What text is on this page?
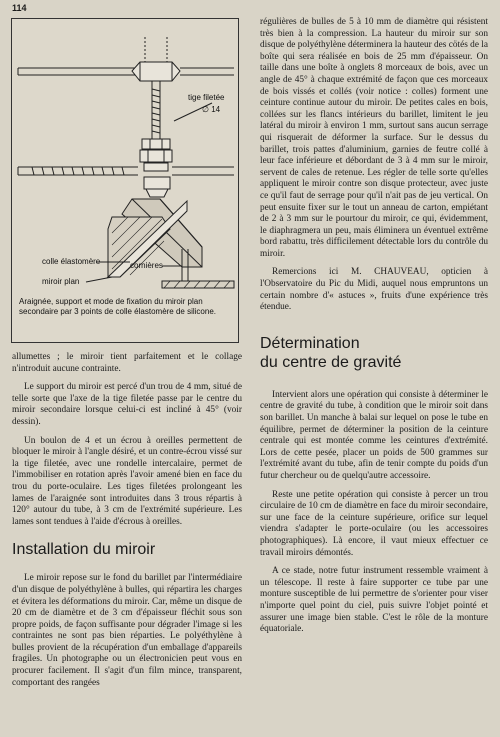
114
tige filetée
∅ 14
colle élastomère	cornières
miroir plan
Araignée, support et mode de fixation du miroir plan secondaire par 3 points de colle élastomère de silicone.

allumettes ; le miroir tient parfaitement et le collage n'introduit aucune contrainte.

Le support du miroir est percé d'un trou de 4 mm, situé de telle sorte que l'axe de la tige filetée passe par le centre du miroir secondaire lorsque celui-ci est incliné à 45° (voir dessin).

Un boulon de 4 et un écrou à oreilles permettent de bloquer le miroir à l'angle désiré, et un contre-écrou vissé sur la tige filetée, avec une rondelle intercalaire, permet de l'immobiliser en rotation après l'avoir amené bien en face du trou du porte-oculaire. Les tiges filetées prolongeant les lames de l'araignée sont introduites dans 3 trous répartis à 120° autour du tube, à 3 cm de l'extrémité supérieure. Les lames sont tendues à l'aide d'écrous à oreilles.

Installation du miroir

Le miroir repose sur le fond du barillet par l'intermédiaire d'un disque de polyéthylène à bulles, qui répartira les charges et évitera les déformations du miroir. Car, même un disque de 20 cm de diamètre et de 3 cm d'épaisseur fléchit sous son propre poids, de façon suffisante pour dégrader l'image si les contraintes ne sont pas bien réparties. Le polyéthylène à bulles provient de la récupération d'un emballage d'appareils fragiles. Un photographe ou un électronicien peut vous en procurer facilement. Il s'agit d'un film mince, transparent, comportant des rangées

régulières de bulles de 5 à 10 mm de diamètre qui résistent très bien à la compression. La hauteur du miroir sur son disque de polyéthylène déterminera la hauteur des cötés de la boîte qui sera réalisée en bois de 25 mm d'épaisseur. On taille dans une boîte à onglets 8 morceaux de bois, avec un angle de 45° à chaque extrémité de façon que ces morceaux de bois vissés et collés (voir notice : colles) forment une ceinture continue autour du miroir. De petites cales en bois, collées sur les flancs intérieurs du barillet, limitent le jeu latéral du miroir à environ 1 mm, surtout sans aucun serrage qui risquerait de déformer la surface. Sur le dessus du barillet, trois pattes d'aluminium, garnies de feutre collé à leur face inférieure et débordant de 3 à 4 mm sur le miroir, servent de cales de retenue. Les régler de telle sorte qu'elles appliquent le miroir contre son disque protecteur, avec juste ce qu'il faut de serrage pour qu'il n'ait pas de jeu vertical. On peut ensuite fixer sur le tout un anneau de carton, empiétant de 2 à 3 mm sur le pourtour du miroir, ce qui, évidemment, le diaphragmera un peu, mais éliminera un éventuel extrême bord rabattu, très difficilement détectable lors du contrôle du miroir.

Remercions ici M. CHAUVEAU, opticien à l'Observatoire du Pic du Midi, auquel nous empruntons un certain nombre d'« astuces », fruits d'une expérience très étendue.

Détermination
du centre de gravité

Intervient alors une opération qui consiste à déterminer le centre de gravité du tube, à condition que le miroir soit dans son barillet. Un manche à balai sur lequel on pose le tube en équilibre, permet de déterminer la position de la ceinture centrale qui est montée comme les ceintures d'extrémité. Lors de cette pesée, placer un poids de 500 grammes sur l'extrémité avant du tube, afin de tenir compte du poids d'un futur chercheur ou de quelqu'autre accessoire.

Reste une petite opération qui consiste à percer un trou circulaire de 10 cm de diamètre en face du miroir secondaire, sur une face de la ceinture supérieure, orifice sur lequel viendra s'adapter le porte-oculaire (ou les accessoires photographiques). Là encore, il vaut mieux effectuer ce travail miroirs démontés.

A ce stade, notre futur instrument ressemble vraiment à un télescope. Il reste à faire supporter ce tube par une monture susceptible de lui permettre de s'orienter pour viser n'importe quel point du ciel, puis suivre l'objet pointé et assurer une image bien stable. C'est le rôle de la monture équatoriale.
